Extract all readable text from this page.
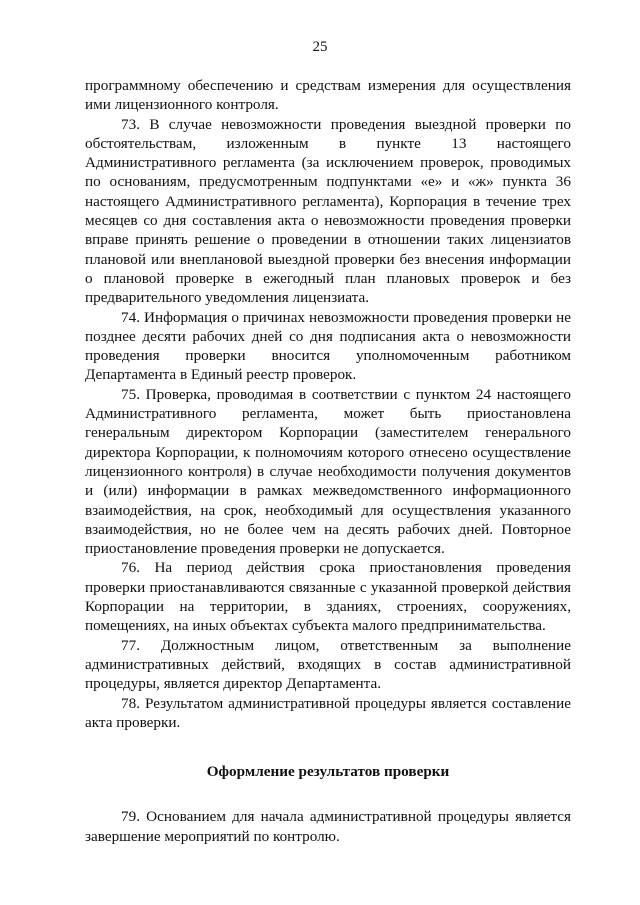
25

программному обеспечению и средствам измерения для осуществления ими лицензионного контроля.

73. В случае невозможности проведения выездной проверки по обстоятельствам, изложенным в пункте 13 настоящего Административного регламента (за исключением проверок, проводимых по основаниям, предусмотренным подпунктами «е» и «ж» пункта 36 настоящего Административного регламента), Корпорация в течение трех месяцев со дня составления акта о невозможности проведения проверки вправе принять решение о проведении в отношении таких лицензиатов плановой или внеплановой выездной проверки без внесения информации о плановой проверке в ежегодный план плановых проверок и без предварительного уведомления лицензиата.

74. Информация о причинах невозможности проведения проверки не позднее десяти рабочих дней со дня подписания акта о невозможности проведения проверки вносится уполномоченным работником Департамента в Единый реестр проверок.

75. Проверка, проводимая в соответствии с пунктом 24 настоящего Административного регламента, может быть приостановлена генеральным директором Корпорации (заместителем генерального директора Корпорации, к полномочиям которого отнесено осуществление лицензионного контроля) в случае необходимости получения документов и (или) информации в рамках межведомственного информационного взаимодействия, на срок, необходимый для осуществления указанного взаимодействия, но не более чем на десять рабочих дней. Повторное приостановление проведения проверки не допускается.

76. На период действия срока приостановления проведения проверки приостанавливаются связанные с указанной проверкой действия Корпорации на территории, в зданиях, строениях, сооружениях, помещениях, на иных объектах субъекта малого предпринимательства.

77. Должностным лицом, ответственным за выполнение административных действий, входящих в состав административной процедуры, является директор Департамента.

78. Результатом административной процедуры является составление акта проверки.

Оформление результатов проверки

79. Основанием для начала административной процедуры является завершение мероприятий по контролю.
